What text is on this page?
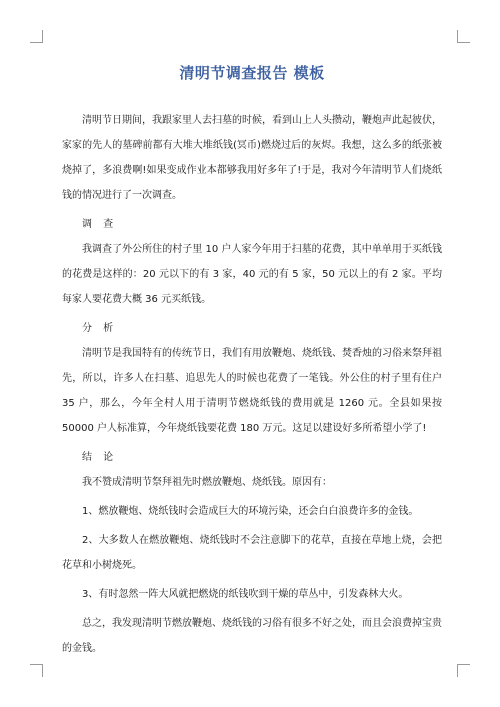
清明节调查报告 模板

清明节日期间，我跟家里人去扫墓的时候，看到山上人头攒动，鞭炮声此起彼伏，家家的先人的墓碑前都有大堆大堆纸钱(冥币)燃烧过后的灰烬。我想，这么多的纸张被烧掉了，多浪费啊!如果变成作业本都够我用好多年了!于是，我对今年清明节人们烧纸钱的情况进行了一次调查。

调 查

我调查了外公所住的村子里 10 户人家今年用于扫墓的花费，其中单单用于买纸钱的花费是这样的：20 元以下的有 3 家，40 元的有 5 家，50 元以上的有 2 家。平均每家人要花费大概 36 元买纸钱。

分 析

清明节是我国特有的传统节日，我们有用放鞭炮、烧纸钱、焚香烛的习俗来祭拜祖先，所以，许多人在扫墓、追思先人的时候也花费了一笔钱。外公住的村子里有住户 35 户，那么，今年全村人用于清明节燃烧纸钱的费用就是 1260 元。全县如果按 50000 户人标准算，今年烧纸钱要花费 180 万元。这足以建设好多所希望小学了!

结 论

我不赞成清明节祭拜祖先时燃放鞭炮、烧纸钱。原因有：

1、燃放鞭炮、烧纸钱时会造成巨大的环境污染，还会白白浪费许多的金钱。

2、大多数人在燃放鞭炮、烧纸钱时不会注意脚下的花草，直接在草地上烧，会把花草和小树烧死。

3、有时忽然一阵大风就把燃烧的纸钱吹到干燥的草丛中，引发森林大火。

总之，我发现清明节燃放鞭炮、烧纸钱的习俗有很多不好之处，而且会浪费掉宝贵的金钱。
